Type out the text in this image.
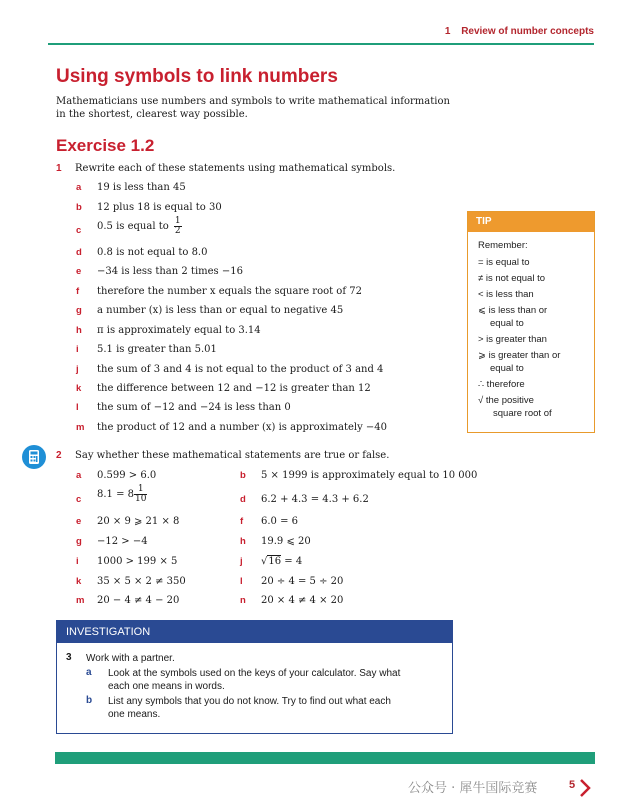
1 Review of number concepts
Using symbols to link numbers
Mathematicians use numbers and symbols to write mathematical information in the shortest, clearest way possible.
Exercise 1.2
1 Rewrite each of these statements using mathematical symbols.
a 19 is less than 45
b 12 plus 18 is equal to 30
c 0.5 is equal to $\frac{1}{2}$
d 0.8 is not equal to 8.0
e −34 is less than 2 times −16
f therefore the number x equals the square root of 72
g a number (x) is less than or equal to negative 45
h π is approximately equal to 3.14
i 5.1 is greater than 5.01
j the sum of 3 and 4 is not equal to the product of 3 and 4
k the difference between 12 and −12 is greater than 12
l the sum of −12 and −24 is less than 0
m the product of 12 and a number (x) is approximately −40
TIP
Remember:
= is equal to
≠ is not equal to
< is less than
⩽ is less than or
equal to
> is greater than
⩾ is greater than or
equal to
∴ therefore
√ the positive
square root of
2 Say whether these mathematical statements are true or false.
a 0.599 > 6.0
c $8.1 = 8 \frac{1}{10}$
e 20 × 9 ⩾ 21 × 8
g −12 > −4
i 1000 > 199 × 5
k 35 × 5 × 2 ≠ 350
m 20 − 4 ≠ 4 − 20
b 5 × 1999 is approximately equal to 10 000
d 6.2 + 4.3 = 4.3 + 6.2
f 6.0 = 6
h 19.9 ⩽ 20
j √16 = 4
l 20 ÷ 4 = 5 ÷ 20
n 20 × 4 ≠ 4 × 20
INVESTIGATION
3 Work with a partner.
a Look at the symbols used on the keys of your calculator. Say what
each one means in words.
b List any symbols that you do not know. Try to find out what each
one means.
5
公众号 · 犀牛国际竞赛
